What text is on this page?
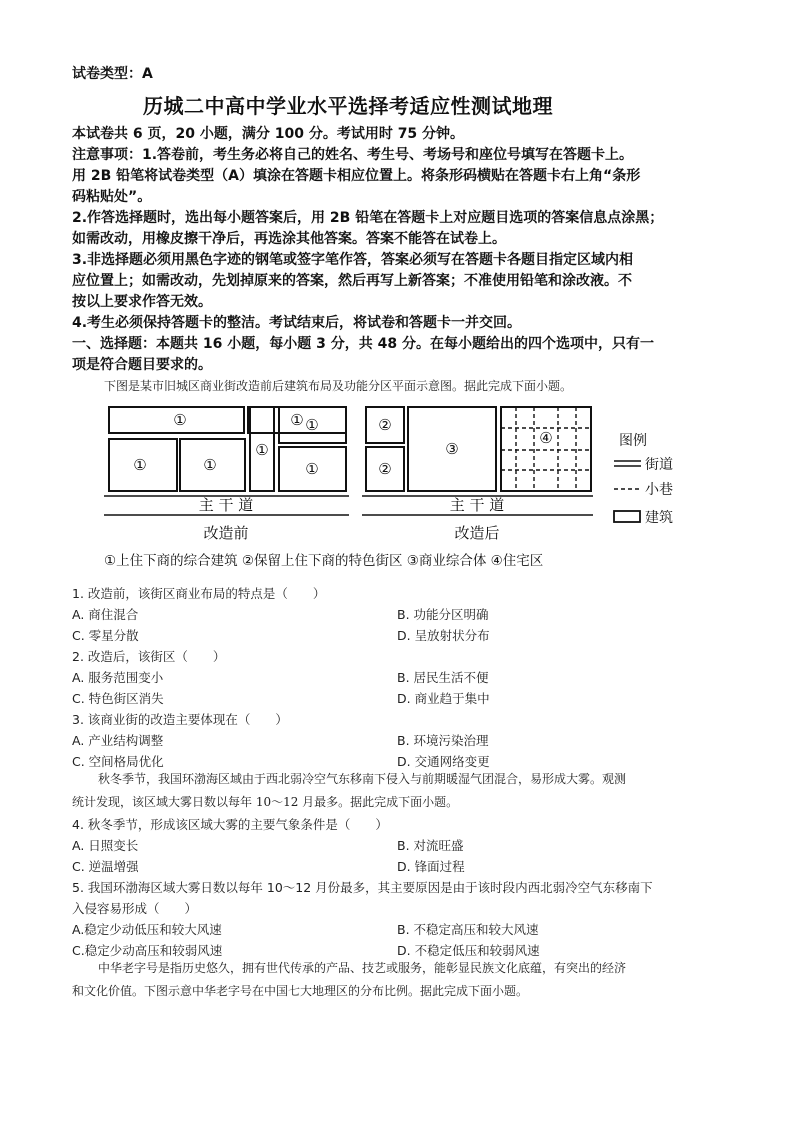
试卷类型：A
历城二中高中学业水平选择考适应性测试地理
本试卷共 6 页，20 小题，满分 100 分。考试用时 75 分钟。
注意事项：1.答卷前，考生务必将自己的姓名、考生号、考场号和座位号填写在答题卡上。
用 2B 铅笔将试卷类型（A）填涂在答题卡相应位置上。将条形码横贴在答题卡右上角“条形
码粘贴处”。
2.作答选择题时，选出每小题答案后，用 2B 铅笔在答题卡上对应题目选项的答案信息点涂黑；
如需改动，用橡皮擦干净后，再选涂其他答案。答案不能答在试卷上。
3.非选择题必须用黑色字迹的钢笔或签字笔作答，答案必须写在答题卡各题目指定区域内相
应位置上；如需改动，先划掉原来的答案，然后再写上新答案；不准使用铅笔和涂改液。不
按以上要求作答无效。
4.考生必须保持答题卡的整洁。考试结束后，将试卷和答题卡一并交回。
一、选择题：本题共 16 小题，每小题 3 分，共 48 分。在每小题给出的四个选项中，只有一
项是符合题目要求的。
下图是某市旧城区商业街改造前后建筑布局及功能分区平面示意图。据此完成下面小题。
①	①
①	①
①
①
①
②
②
③
④
主 干 道	主 干 道
改造前	改造后
图例
街道
小巷
建筑
①上住下商的综合建筑 ②保留上住下商的特色街区 ③商业综合体 ④住宅区
1. 改造前，该街区商业布局的特点是（　　）
A. 商住混合	B. 功能分区明确
C. 零星分散	D. 呈放射状分布
2. 改造后，该街区（　　）
A. 服务范围变小	B. 居民生活不便
C. 特色街区消失	D. 商业趋于集中
3. 该商业街的改造主要体现在（　　）
A. 产业结构调整	B. 环境污染治理
C. 空间格局优化	D. 交通网络变更
秋冬季节，我国环渤海区域由于西北弱冷空气东移南下侵入与前期暖湿气团混合，易形成大雾。观测
统计发现，该区域大雾日数以每年 10～12 月最多。据此完成下面小题。
4. 秋冬季节，形成该区域大雾的主要气象条件是（　　）
A. 日照变长	B. 对流旺盛
C. 逆温增强	D. 锋面过程
5. 我国环渤海区域大雾日数以每年 10～12 月份最多，其主要原因是由于该时段内西北弱冷空气东移南下
入侵容易形成（　　）
A.稳定少动低压和较大风速	B. 不稳定高压和较大风速
C.稳定少动高压和较弱风速	D. 不稳定低压和较弱风速
中华老字号是指历史悠久，拥有世代传承的产品、技艺或服务，能彰显民族文化底蕴，有突出的经济
和文化价值。下图示意中华老字号在中国七大地理区的分布比例。据此完成下面小题。
